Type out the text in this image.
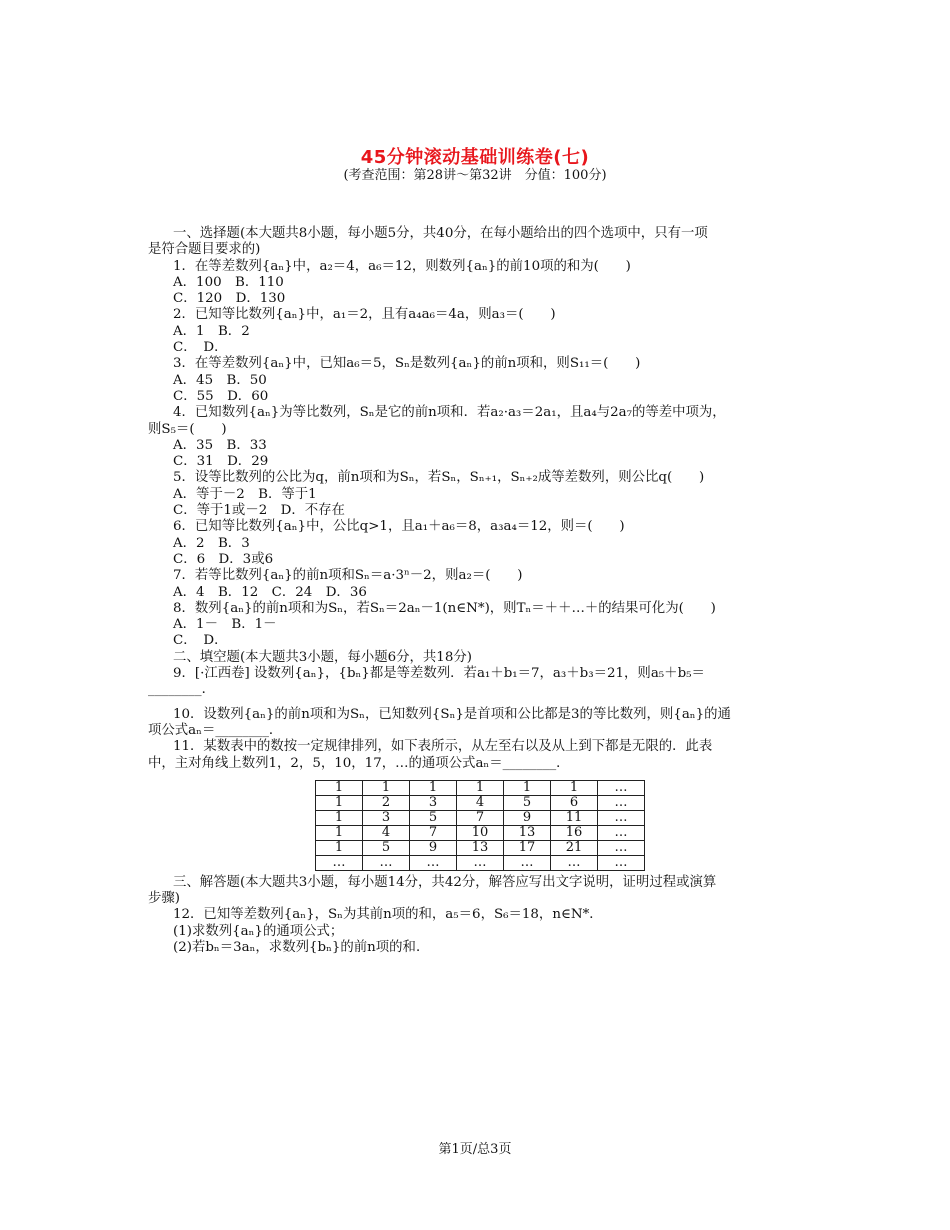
45分钟滚动基础训练卷(七)
(考查范围：第28讲～第32讲　分值：100分)
一、选择题(本大题共8小题，每小题5分，共40分，在每小题给出的四个选项中，只有一项
是符合题目要求的)
1．在等差数列{aₙ}中，a₂＝4，a₆＝12，则数列{aₙ}的前10项的和为(　　)
A．100　B．110
C．120　D．130
2．已知等比数列{aₙ}中，a₁＝2，且有a₄a₆＝4a，则a₃＝(　　)
A．1　B．2
C．　D．
3．在等差数列{aₙ}中，已知a₆＝5，Sₙ是数列{aₙ}的前n项和，则S₁₁＝(　　)
A．45　B．50
C．55　D．60
4．已知数列{aₙ}为等比数列，Sₙ是它的前n项和．若a₂·a₃＝2a₁，且a₄与2a₇的等差中项为，
则S₅＝(　　)
A．35　B．33
C．31　D．29
5．设等比数列的公比为q，前n项和为Sₙ，若Sₙ，Sₙ₊₁，Sₙ₊₂成等差数列，则公比q(　　)
A．等于－2　B．等于1
C．等于1或－2　D．不存在
6．已知等比数列{aₙ}中，公比q>1，且a₁＋a₆＝8，a₃a₄＝12，则＝(　　)
A．2　B．3
C．6　D．3或6
7．若等比数列{aₙ}的前n项和Sₙ＝a·3ⁿ－2，则a₂＝(　　)
A．4　B．12　C．24　D．36
8．数列{aₙ}的前n项和为Sₙ，若Sₙ＝2aₙ－1(n∈N*)，则Tₙ＝＋＋…＋的结果可化为(　　)
A．1－　B．1－
C．　D．
二、填空题(本大题共3小题，每小题6分，共18分)
9．[·江西卷] 设数列{aₙ}，{bₙ}都是等差数列．若a₁＋b₁＝7，a₃＋b₃＝21，则a₅＋b₅＝
________．
10．设数列{aₙ}的前n项和为Sₙ，已知数列{Sₙ}是首项和公比都是3的等比数列，则{aₙ}的通
项公式aₙ＝________．
11．某数表中的数按一定规律排列，如下表所示，从左至右以及从上到下都是无限的．此表
中，主对角线上数列1，2，5，10，17，…的通项公式aₙ＝________．
1	1	1	1	1	1	…
1	2	3	4	5	6	…
1	3	5	7	9	11	…
1	4	7	10	13	16	…
1	5	9	13	17	21	…
…	…	…	…	…	…	…
三、解答题(本大题共3小题，每小题14分，共42分，解答应写出文字说明，证明过程或演算
步骤)
12．已知等差数列{aₙ}，Sₙ为其前n项的和，a₅＝6，S₆＝18，n∈N*．
(1)求数列{aₙ}的通项公式；
(2)若bₙ＝3aₙ，求数列{bₙ}的前n项的和．
第1页/总3页
